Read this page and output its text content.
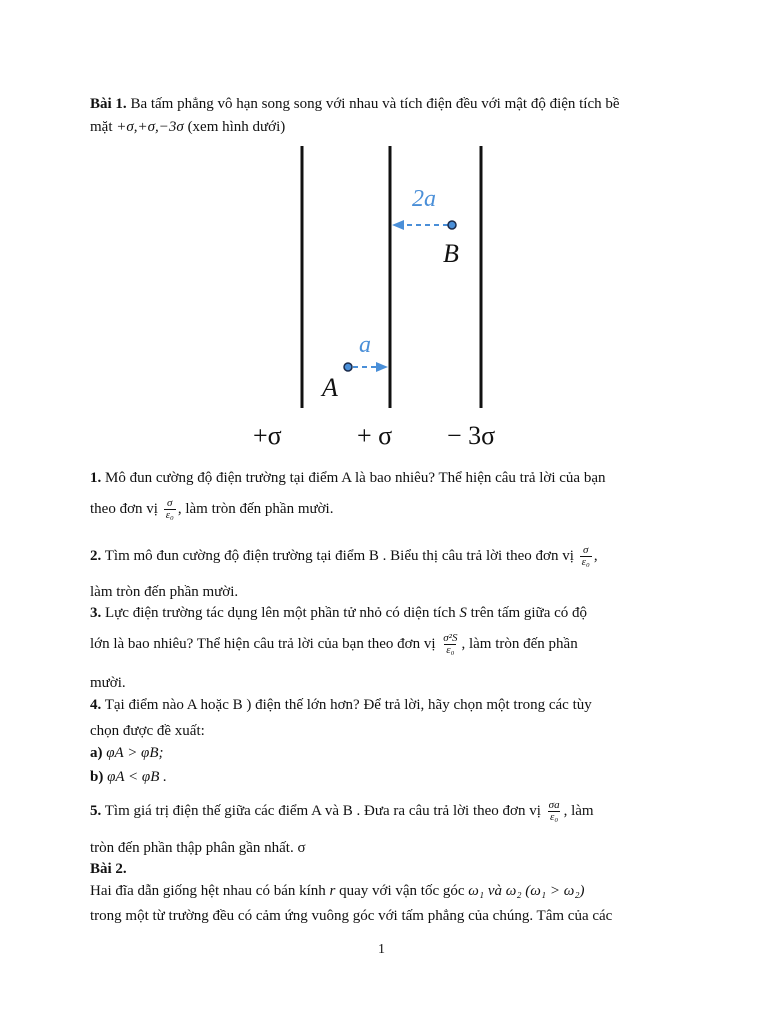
Bài 1. Ba tấm phẳng vô hạn song song với nhau và tích điện đều với mật độ điện tích bề
mặt +σ,+σ,−3σ (xem hình dưới)
2a
B
a
A
+σ	+ σ − 3σ
1. Mô đun cường độ điện trường tại điểm A là bao nhiêu? Thể hiện câu trả lời của bạn
theo đơn vị $\frac{\sigma}{\text{ε₀}}$ , làm tròn đến phần mười.
2. Tìm mô đun cường độ điện trường tại điểm B . Biểu thị câu trả lời theo đơn vị $\frac{\sigma}{\text{ε₀}}$ ,
làm tròn đến phần mười.
3. Lực điện trường tác dụng lên một phần tử nhỏ có diện tích S trên tấm giữa có độ
lớn là bao nhiêu? Thể hiện câu trả lời của bạn theo đơn vị $\frac{\text{σ²S}}{\text{ε₀}}$ , làm tròn đến phần
mười.
4. Tại điểm nào A hoặc B ) điện thế lớn hơn? Để trả lời, hãy chọn một trong các tùy
chọn được đề xuất:
a) φA > φB;
b) φA < φB .
5. Tìm giá trị điện thế giữa các điểm A và B . Đưa ra câu trả lời theo đơn vị $\frac{\sigma a}{\text{ε₀}}$ , làm
tròn đến phần thập phân gần nhất. σ
Bài 2.
Hai đĩa dẫn giống hệt nhau có bán kính r quay với vận tốc góc ω₁ và ω₂ (ω₁ > ω₂)
trong một từ trường đều có cảm ứng vuông góc với tấm phẳng của chúng. Tâm của các
1
